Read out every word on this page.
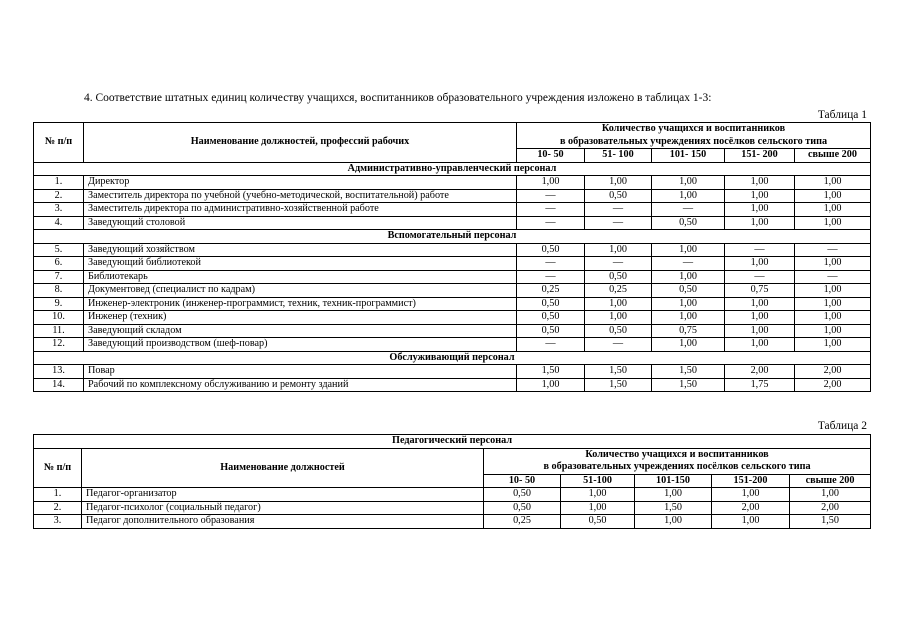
4. Соответствие штатных единиц количеству учащихся, воспитанников образовательного учреждения изложено в таблицах 1-3:
Таблица 1
№ п/п	Наименование должностей, профессий рабочих	Количество учащихся и воспитанников
в образовательных учреждениях посёлков сельского типа				

		10- 50	51- 100	101- 150	151- 200	свыше 200
Административно-управленческий персонал						
1.	Директор	1,00	1,00	1,00	1,00	1,00
2.	Заместитель директора по учебной (учебно-методической, воспитательной) работе	—	0,50	1,00	1,00	1,00
3.	Заместитель директора по административно-хозяйственной работе	—	—	—	1,00	1,00
4.	Заведующий столовой	—	—	0,50	1,00	1,00
Вспомогательный персонал						
5.	Заведующий хозяйством	0,50	1,00	1,00	—	—
6.	Заведующий библиотекой	—	—	—	1,00	1,00
7.	Библиотекарь	—	0,50	1,00	—	—
8.	Документовед (специалист по кадрам)	0,25	0,25	0,50	0,75	1,00
9.	Инженер-электроник (инженер-программист, техник, техник-программист)	0,50	1,00	1,00	1,00	1,00
10.	Инженер (техник)	0,50	1,00	1,00	1,00	1,00
11.	Заведующий складом	0,50	0,50	0,75	1,00	1,00
12.	Заведующий производством (шеф-повар)	—	—	1,00	1,00	1,00
Обслуживающий персонал						
13.	Повар	1,50	1,50	1,50	2,00	2,00
14.	Рабочий по комплексному обслуживанию и ремонту зданий	1,00	1,50	1,50	1,75	2,00
Таблица 2
Педагогический персонал						
№ п/п	Наименование должностей	Количество учащихся и воспитанников
в образовательных учреждениях посёлков сельского типа				

		10- 50	51-100	101-150	151-200	свыше 200
1.	Педагог-организатор	0,50	1,00	1,00	1,00	1,00
2.	Педагог-психолог (социальный педагог)	0,50	1,00	1,50	2,00	2,00
3.	Педагог дополнительного образования	0,25	0,50	1,00	1,00	1,50
